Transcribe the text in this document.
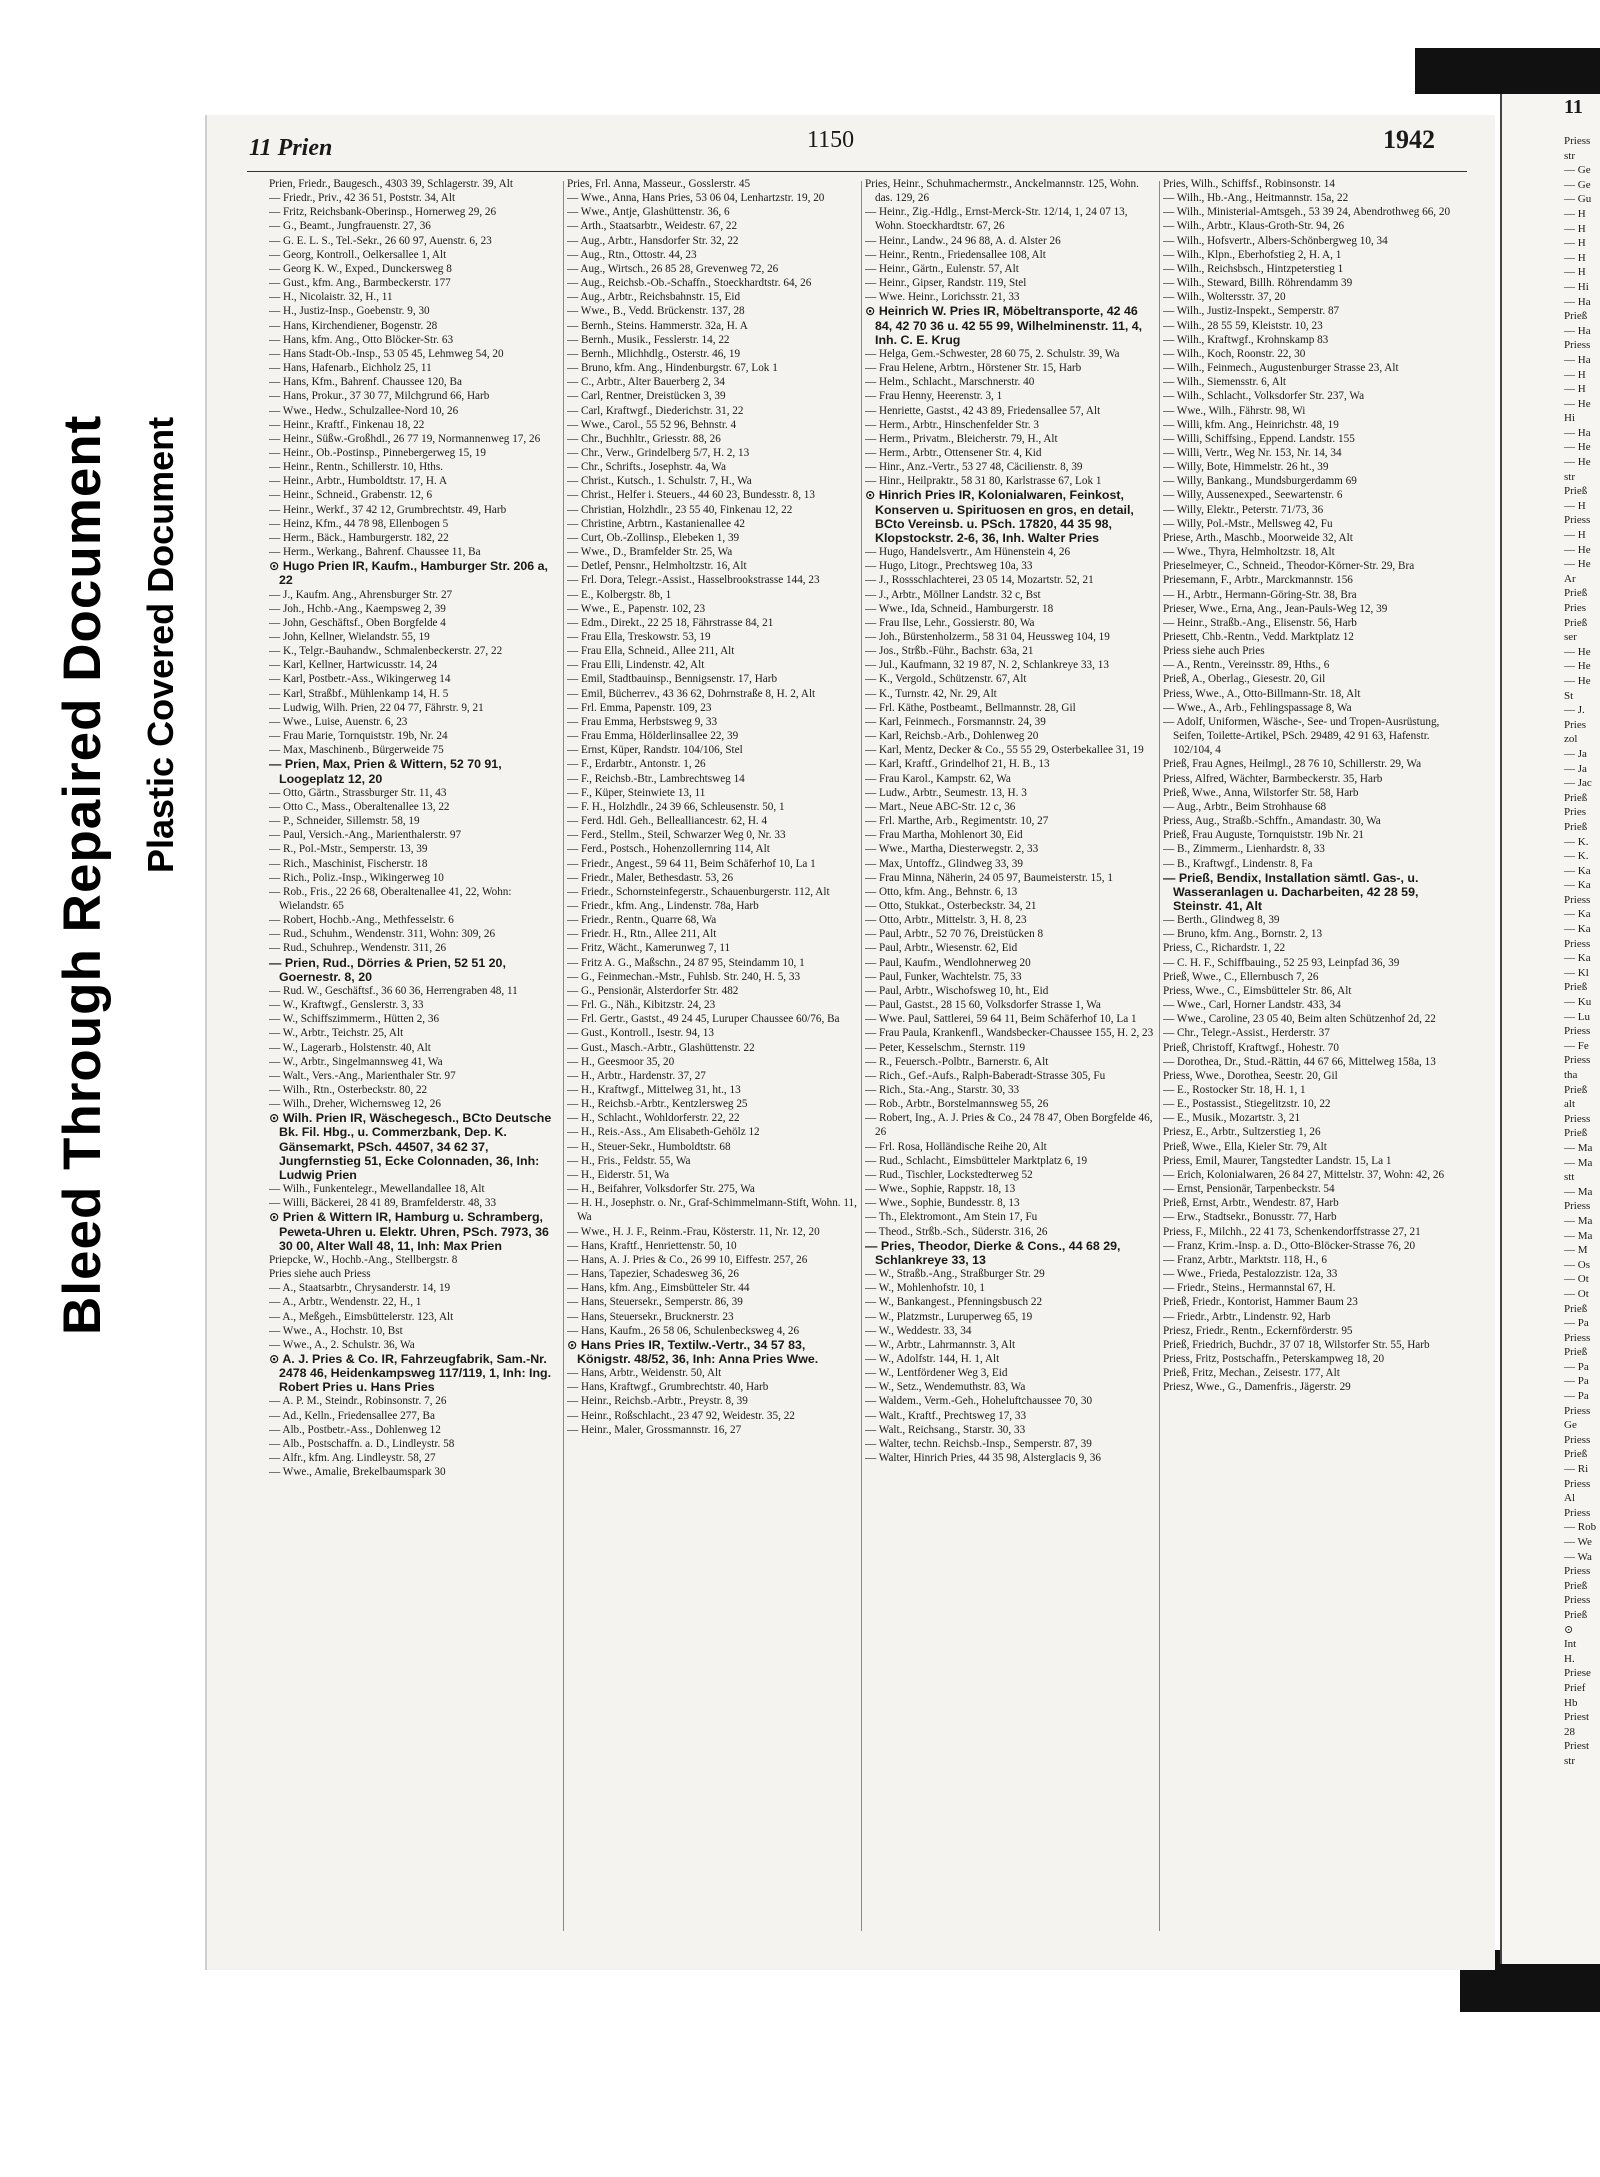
Bleed Through Repaired Document Plastic Covered Document
11 Prien	1150	1942
Prien, Friedr., Baugesch., 4303 39, Schlagerstr. 39, Alt
— Friedr., Priv., 42 36 51, Poststr. 34, Alt
— Fritz, Reichsbank-Oberinsp., Hornerweg 29, 26
— G., Beamt., Jungfrauenstr. 27, 36
— G. E. L. S., Tel.-Sekr., 26 60 97, Auenstr. 6, 23
— Georg, Kontroll., Oelkersallee 1, Alt
— Georg K. W., Exped., Dunckersweg 8
— Gust., kfm. Ang., Barmbeckerstr. 177
— H., Nicolaistr. 32, H., 11
— H., Justiz-Insp., Goebenstr. 9, 30
— Hans, Kirchendiener, Bogenstr. 28
— Hans, kfm. Ang., Otto Blöcker-Str. 63
— Hans Stadt-Ob.-Insp., 53 05 45, Lehmweg 54, 20
— Hans, Hafenarb., Eichholz 25, 11
— Hans, Kfm., Bahrenf. Chaussee 120, Ba
— Hans, Prokur., 37 30 77, Milchgrund 66, Harb
— Wwe., Hedw., Schulzallee-Nord 10, 26
— Heinr., Kraftf., Finkenau 18, 22
— Heinr., Süßw.-Großhdl., 26 77 19, Normannenweg 17, 26
— Heinr., Ob.-Postinsp., Pinnebergerweg 15, 19
— Heinr., Rentn., Schillerstr. 10, Hths.
— Heinr., Arbtr., Humboldtstr. 17, H. A
— Heinr., Schneid., Grabenstr. 12, 6
— Heinr., Werkf., 37 42 12, Grumbrechtstr. 49, Harb
— Heinz, Kfm., 44 78 98, Ellenbogen 5
— Herm., Bäck., Hamburgerstr. 182, 22
— Herm., Werkang., Bahrenf. Chaussee 11, Ba
⊙ Hugo Prien IR, Kaufm., Hamburger Str. 206 a, 22
— J., Kaufm. Ang., Ahrensburger Str. 27
— Joh., Hchb.-Ang., Kaempsweg 2, 39
— John, Geschäftsf., Oben Borgfelde 4
— John, Kellner, Wielandstr. 55, 19
— K., Telgr.-Bauhandw., Schmalenbeckerstr. 27, 22
— Karl, Kellner, Hartwicusstr. 14, 24
— Karl, Postbetr.-Ass., Wikingerweg 14
— Karl, Straßbf., Mühlenkamp 14, H. 5
— Ludwig, Wilh. Prien, 22 04 77, Fährstr. 9, 21
— Wwe., Luise, Auenstr. 6, 23
— Frau Marie, Tornquiststr. 19b, Nr. 24
— Max, Maschinenb., Bürgerweide 75
— Prien, Max, Prien & Wittern, 52 70 91, Loogeplatz 12, 20
— Otto, Gärtn., Strassburger Str. 11, 43
— Otto C., Mass., Oberaltenallee 13, 22
— P., Schneider, Sillemstr. 58, 19
— Paul, Versich.-Ang., Marienthalerstr. 97
— R., Pol.-Mstr., Semperstr. 13, 39
— Rich., Maschinist, Fischerstr. 18
— Rich., Poliz.-Insp., Wikingerweg 10
— Rob., Fris., 22 26 68, Oberaltenallee 41, 22, Wohn: Wielandstr. 65
— Robert, Hochb.-Ang., Methfesselstr. 6
— Rud., Schuhm., Wendenstr. 311, Wohn: 309, 26
— Rud., Schuhrep., Wendenstr. 311, 26
— Prien, Rud., Dörries & Prien, 52 51 20, Goernestr. 8, 20
— Rud. W., Geschäftsf., 36 60 36, Herrengraben 48, 11
— W., Kraftwgf., Genslerstr. 3, 33
— W., Schiffszimmerm., Hütten 2, 36
— W., Arbtr., Teichstr. 25, Alt
— W., Lagerarb., Holstenstr. 40, Alt
— W., Arbtr., Singelmannsweg 41, Wa
— Walt., Vers.-Ang., Marienthaler Str. 97
— Wilh., Rtn., Osterbeckstr. 80, 22
— Wilh., Dreher, Wichernsweg 12, 26
⊙ Wilh. Prien IR, Wäschegesch., BCto Deutsche Bk. Fil. Hbg., u. Commerzbank, Dep. K. Gänsemarkt, PSch. 44507, 34 62 37, Jungfernstieg 51, Ecke Colonnaden, 36, Inh: Ludwig Prien
— Wilh., Funkentelegr., Mewellandallee 18, Alt
— Willi, Bäckerei, 28 41 89, Bramfelderstr. 48, 33
⊙ Prien & Wittern IR, Hamburg u. Schramberg, Peweta-Uhren u. Elektr. Uhren, PSch. 7973, 36 30 00, Alter Wall 48, 11, Inh: Max Prien
Priepcke, W., Hochb.-Ang., Stellbergstr. 8
Pries siehe auch Priess
— A., Staatsarbtr., Chrysanderstr. 14, 19
— A., Arbtr., Wendenstr. 22, H., 1
— A., Meßgeh., Eimsbüttelerstr. 123, Alt
— Wwe., A., Hochstr. 10, Bst
— Wwe., A., 2. Schulstr. 36, Wa
⊙ A. J. Pries & Co. IR, Fahrzeugfabrik, Sam.-Nr. 2478 46, Heidenkampsweg 117/119, 1, Inh: Ing. Robert Pries u. Hans Pries
— A. P. M., Steindr., Robinsonstr. 7, 26
— Ad., Kelln., Friedensallee 277, Ba
— Alb., Postbetr.-Ass., Dohlenweg 12
— Alb., Postschaffn. a. D., Lindleystr. 58
— Alfr., kfm. Ang. Lindleystr. 58, 27
— Wwe., Amalie, Brekelbaumspark 30
Pries, Frl. Anna, Masseur., Gosslerstr. 45
— Wwe., Anna, Hans Pries, 53 06 04, Lenhartzstr. 19, 20
— Wwe., Antje, Glashüttenstr. 36, 6
— Arth., Staatsarbtr., Weidestr. 67, 22
— Aug., Arbtr., Hansdorfer Str. 32, 22
— Aug., Rtn., Ottostr. 44, 23
— Aug., Wirtsch., 26 85 28, Grevenweg 72, 26
— Aug., Reichsb.-Ob.-Schaffn., Stoeckhardtstr. 64, 26
— Aug., Arbtr., Reichsbahnstr. 15, Eid
— Wwe., B., Vedd. Brückenstr. 137, 28
— Bernh., Steins. Hammerstr. 32a, H. A
— Bernh., Musik., Fesslerstr. 14, 22
— Bernh., Mlichhdlg., Osterstr. 46, 19
— Bruno, kfm. Ang., Hindenburgstr. 67, Lok 1
— C., Arbtr., Alter Bauerberg 2, 34
— Carl, Rentner, Dreistücken 3, 39
— Carl, Kraftwgf., Diederichstr. 31, 22
— Wwe., Carol., 55 52 96, Behnstr. 4
— Chr., Buchhltr., Griesstr. 88, 26
— Chr., Verw., Grindelberg 5/7, H. 2, 13
— Chr., Schrifts., Josephstr. 4a, Wa
— Christ., Kutsch., 1. Schulstr. 7, H., Wa
— Christ., Helfer i. Steuers., 44 60 23, Bundesstr. 8, 13
— Christian, Holzhdlr., 23 55 40, Finkenau 12, 22
— Christine, Arbtrn., Kastanienallee 42
— Curt, Ob.-Zollinsp., Elebeken 1, 39
— Wwe., D., Bramfelder Str. 25, Wa
— Detlef, Pensnr., Helmholtzstr. 16, Alt
— Frl. Dora, Telegr.-Assist., Hasselbrookstrasse 144, 23
— E., Kolbergstr. 8b, 1
— Wwe., E., Papenstr. 102, 23
— Edm., Direkt., 22 25 18, Fährstrasse 84, 21
— Frau Ella, Treskowstr. 53, 19
— Frau Ella, Schneid., Allee 211, Alt
— Frau Elli, Lindenstr. 42, Alt
— Emil, Stadtbauinsp., Bennigsenstr. 17, Harb
— Emil, Bücherrev., 43 36 62, Dohrnstraße 8, H. 2, Alt
— Frl. Emma, Papenstr. 109, 23
— Frau Emma, Herbstsweg 9, 33
— Frau Emma, Hölderlinsallee 22, 39
— Ernst, Küper, Randstr. 104/106, Stel
— F., Erdarbtr., Antonstr. 1, 26
— F., Reichsb.-Btr., Lambrechtsweg 14
— F., Küper, Steinwiete 13, 11
— F. H., Holzhdlr., 24 39 66, Schleusenstr. 50, 1
— Ferd. Hdl. Geh., Belleallianсestr. 62, H. 4
— Ferd., Stellm., Steil, Schwarzer Weg 0, Nr. 33
— Ferd., Postsch., Hohenzollernring 114, Alt
— Friedr., Angest., 59 64 11, Beim Schäferhof 10, La 1
— Friedr., Maler, Bethesdastr. 53, 26
— Friedr., Schornsteinfegerstr., Schauenburgerstr. 112, Alt
— Friedr., kfm. Ang., Lindenstr. 78a, Harb
— Friedr., Rentn., Quarre 68, Wa
— Friedr. H., Rtn., Allee 211, Alt
— Fritz, Wächt., Kamerunweg 7, 11
— Fritz A. G., Maßschn., 24 87 95, Steindamm 10, 1
— G., Feinmechan.-Mstr., Fuhlsb. Str. 240, H. 5, 33
— G., Pensionär, Alsterdorfer Str. 482
— Frl. G., Näh., Kibitzstr. 24, 23
— Frl. Gertr., Gastst., 49 24 45, Luruper Chaussee 60/76, Ba
— Gust., Kontroll., Isestr. 94, 13
— Gust., Masch.-Arbtr., Glashüttenstr. 22
— H., Geesmoor 35, 20
— H., Arbtr., Hardenstr. 37, 27
— H., Kraftwgf., Mittelweg 31, ht., 13
— H., Reichsb.-Arbtr., Kentzlersweg 25
— H., Schlacht., Wohldorferstr. 22, 22
— H., Reis.-Ass., Am Elisabeth-Gehölz 12
— H., Steuer-Sekr., Humboldtstr. 68
— H., Fris., Feldstr. 55, Wa
— H., Eiderstr. 51, Wa
— H., Beifahrer, Volksdorfer Str. 275, Wa
— H. H., Josephstr. o. Nr., Graf-Schimmelmann-Stift, Wohn. 11, Wa
— Wwe., H. J. F., Reinm.-Frau, Kösterstr. 11, Nr. 12, 20
— Hans, Kraftf., Henriettenstr. 50, 10
— Hans, A. J. Pries & Co., 26 99 10, Eiffestr. 257, 26
— Hans, Tapezier, Schadesweg 36, 26
— Hans, kfm. Ang., Eimsbütteler Str. 44
— Hans, Steuersekr., Semperstr. 86, 39
— Hans, Steuersekr., Brucknerstr. 23
— Hans, Kaufm., 26 58 06, Schulenbecksweg 4, 26
⊙ Hans Pries IR, Textilw.-Vertr., 34 57 83, Königstr. 48/52, 36, Inh: Anna Pries Wwe.
— Hans, Arbtr., Weidenstr. 50, Alt
— Hans, Kraftwgf., Grumbrechtstr. 40, Harb
— Heinr., Reichsb.-Arbtr., Preystr. 8, 39
— Heinr., Roßschlacht., 23 47 92, Weidestr. 35, 22
— Heinr., Maler, Grossmannstr. 16, 27
Pries, Heinr., Schuhmachermstr., Anckelmannstr. 125, Wohn. das. 129, 26
— Heinr., Zig.-Hdlg., Ernst-Merck-Str. 12/14, 1, 24 07 13, Wohn. Stoeckhardtstr. 67, 26
— Heinr., Landw., 24 96 88, A. d. Alster 26
— Heinr., Rentn., Friedensallee 108, Alt
— Heinr., Gärtn., Eulenstr. 57, Alt
— Heinr., Gipser, Randstr. 119, Stel
— Wwe. Heinr., Lorichsstr. 21, 33
⊙ Heinrich W. Pries IR, Möbeltransporte, 42 46 84, 42 70 36 u. 42 55 99, Wilhelminenstr. 11, 4, Inh. C. E. Krug
— Helga, Gem.-Schwester, 28 60 75, 2. Schulstr. 39, Wa
— Frau Helene, Arbtrn., Hörstener Str. 15, Harb
— Helm., Schlacht., Marschnerstr. 40
— Frau Henny, Heerenstr. 3, 1
— Henriette, Gastst., 42 43 89, Friedensallee 57, Alt
— Herm., Arbtr., Hinschenfelder Str. 3
— Herm., Privatm., Bleicherstr. 79, H., Alt
— Herm., Arbtr., Ottensener Str. 4, Kid
— Hinr., Anz.-Vertr., 53 27 48, Cäcilienstr. 8, 39
— Hinr., Heilpraktr., 58 31 80, Karlstrasse 67, Lok 1
⊙ Hinrich Pries IR, Kolonialwaren, Feinkost, Konserven u. Spirituosen en gros, en detail, BCto Vereinsb. u. PSch. 17820, 44 35 98, Klopstockstr. 2-6, 36, Inh. Walter Pries
— Hugo, Handelsvertr., Am Hünenstein 4, 26
— Hugo, Litogr., Prechtsweg 10a, 33
— J., Rossschlachterei, 23 05 14, Mozartstr. 52, 21
— J., Arbtr., Möllner Landstr. 32 c, Bst
— Wwe., Ida, Schneid., Hamburgerstr. 18
— Frau Ilse, Lehr., Gossierstr. 80, Wa
— Joh., Bürstenholzerm., 58 31 04, Heussweg 104, 19
— Jos., Strßb.-Führ., Bachstr. 63a, 21
— Jul., Kaufmann, 32 19 87, N. 2, Schlankreye 33, 13
— K., Vergold., Schützenstr. 67, Alt
— K., Turnstr. 42, Nr. 29, Alt
— Frl. Käthe, Postbeamt., Bellmannstr. 28, Gil
— Karl, Feinmech., Forsmannstr. 24, 39
— Karl, Reichsb.-Arb., Dohlenweg 20
— Karl, Mentz, Decker & Co., 55 55 29, Osterbekallee 31, 19
— Karl, Kraftf., Grindelhof 21, H. B., 13
— Frau Karol., Kampstr. 62, Wa
— Ludw., Arbtr., Seumestr. 13, H. 3
— Mart., Neue ABC-Str. 12 c, 36
— Frl. Marthe, Arb., Regimentstr. 10, 27
— Frau Martha, Mohlenort 30, Eid
— Wwe., Martha, Diesterwegstr. 2, 33
— Max, Untoffz., Glindweg 33, 39
— Frau Minna, Näherin, 24 05 97, Baumeisterstr. 15, 1
— Otto, kfm. Ang., Behnstr. 6, 13
— Otto, Stukkat., Osterbeckstr. 34, 21
— Otto, Arbtr., Mittelstr. 3, H. 8, 23
— Paul, Arbtr., 52 70 76, Dreistücken 8
— Paul, Arbtr., Wiesenstr. 62, Eid
— Paul, Kaufm., Wendlohnerweg 20
— Paul, Funker, Wachtelstr. 75, 33
— Paul, Arbtr., Wischofsweg 10, ht., Eid
— Paul, Gastst., 28 15 60, Volksdorfer Strasse 1, Wa
— Wwe. Paul, Sattlerei, 59 64 11, Beim Schäferhof 10, La 1
— Frau Paula, Krankenfl., Wandsbecker-Chaussee 155, H. 2, 23
— Peter, Kesselschm., Sternstr. 119
— R., Feuersch.-Polbtr., Barnerstr. 6, Alt
— Rich., Gef.-Aufs., Ralph-Baberadt-Strasse 305, Fu
— Rich., Sta.-Ang., Starstr. 30, 33
— Rob., Arbtr., Borstelmannsweg 55, 26
— Robert, Ing., A. J. Pries & Co., 24 78 47, Oben Borgfelde 46, 26
— Frl. Rosa, Holländische Reihe 20, Alt
— Rud., Schlacht., Eimsbütteler Marktplatz 6, 19
— Rud., Tischler, Lockstedterweg 52
— Wwe., Sophie, Rappstr. 18, 13
— Wwe., Sophie, Bundesstr. 8, 13
— Th., Elektromont., Am Stein 17, Fu
— Theod., Strßb.-Sch., Süderstr. 316, 26
— Pries, Theodor, Dierke & Cons., 44 68 29, Schlankreye 33, 13
— W., Straßb.-Ang., Straßburger Str. 29
— W., Mohlenhofstr. 10, 1
— W., Bankangest., Pfenningsbusch 22
— W., Platzmstr., Luruperweg 65, 19
— W., Weddestr. 33, 34
— W., Arbtr., Lahrmannstr. 3, Alt
— W., Adolfstr. 144, H. 1, Alt
— W., Lentfördener Weg 3, Eid
— W., Setz., Wendemuthstr. 83, Wa
— Waldem., Verm.-Geh., Hoheluftchaussee 70, 30
— Walt., Kraftf., Prechtsweg 17, 33
— Walt., Reichsang., Starstr. 30, 33
— Walter, techn. Reichsb.-Insp., Semperstr. 87, 39
— Walter, Hinrich Pries, 44 35 98, Alsterglacis 9, 36
Pries, Wilh., Schiffsf., Robinsonstr. 14
— Wilh., Hb.-Ang., Heitmannstr. 15a, 22
— Wilh., Ministerial-Amtsgeh., 53 39 24, Abendrothweg 66, 20
— Wilh., Arbtr., Klaus-Groth-Str. 94, 26
— Wilh., Hofsvertr., Albers-Schönbergweg 10, 34
— Wilh., Klpn., Eberhofstieg 2, H. A, 1
— Wilh., Reichsbsch., Hintzpeterstieg 1
— Wilh., Steward, Billh. Röhrendamm 39
— Wilh., Woltersstr. 37, 20
— Wilh., Justiz-Inspekt., Semperstr. 87
— Wilh., 28 55 59, Kleiststr. 10, 23
— Wilh., Kraftwgf., Krohnskamp 83
— Wilh., Koch, Roonstr. 22, 30
— Wilh., Feinmech., Augustenburger Strasse 23, Alt
— Wilh., Siemensstr. 6, Alt
— Wilh., Schlacht., Volksdorfer Str. 237, Wa
— Wwe., Wilh., Fährstr. 98, Wi
— Willi, kfm. Ang., Heinrichstr. 48, 19
— Willi, Schiffsing., Eppend. Landstr. 155
— Willi, Vertr., Weg Nr. 153, Nr. 14, 34
— Willy, Bote, Himmelstr. 26 ht., 39
— Willy, Bankang., Mundsburgerdamm 69
— Willy, Aussenexped., Seewartenstr. 6
— Willy, Elektr., Peterstr. 71/73, 36
— Willy, Pol.-Mstr., Mellsweg 42, Fu
Priese, Arth., Maschb., Moorweide 32, Alt
— Wwe., Thyra, Helmholtzstr. 18, Alt
Prieselmeyer, C., Schneid., Theodor-Körner-Str. 29, Bra
Priesemann, F., Arbtr., Marckmannstr. 156
— H., Arbtr., Hermann-Göring-Str. 38, Bra
Prieser, Wwe., Erna, Ang., Jean-Pauls-Weg 12, 39
— Heinr., Straßb.-Ang., Elisenstr. 56, Harb
Priesett, Chb.-Rentn., Vedd. Marktplatz 12
Priess siehe auch Pries
— A., Rentn., Vereinsstr. 89, Hths., 6
Prieß, A., Oberlag., Giesestr. 20, Gil
Priess, Wwe., A., Otto-Billmann-Str. 18, Alt
— Wwe., A., Arb., Fehlingspassage 8, Wa
— Adolf, Uniformen, Wäsche-, See- und Tropen-Ausrüstung, Seifen, Toilette-Artikel, PSch. 29489, 42 91 63, Hafenstr. 102/104, 4
Prieß, Frau Agnes, Heilmgl., 28 76 10, Schillerstr. 29, Wa
Priess, Alfred, Wächter, Barmbeckerstr. 35, Harb
Prieß, Wwe., Anna, Wilstorfer Str. 58, Harb
— Aug., Arbtr., Beim Strohhause 68
Priess, Aug., Straßb.-Schffn., Amandastr. 30, Wa
Prieß, Frau Auguste, Tornquiststr. 19b Nr. 21
— B., Zimmerm., Lienhardstr. 8, 33
— B., Kraftwgf., Lindenstr. 8, Fa
— Prieß, Bendix, Installation sämtl. Gas-, u. Wasseranlagen u. Dacharbeiten, 42 28 59, Steinstr. 41, Alt
— Berth., Glindweg 8, 39
— Bruno, kfm. Ang., Bornstr. 2, 13
Priess, C., Richardstr. 1, 22
— C. H. F., Schiffbauing., 52 25 93, Leinpfad 36, 39
Prieß, Wwe., C., Ellernbusch 7, 26
Priess, Wwe., C., Eimsbütteler Str. 86, Alt
— Wwe., Carl, Horner Landstr. 433, 34
— Wwe., Caroline, 23 05 40, Beim alten Schützenhof 2d, 22
— Chr., Telegr.-Assist., Herderstr. 37
Prieß, Christoff, Kraftwgf., Hohestr. 70
— Dorothea, Dr., Stud.-Rättin, 44 67 66, Mittelweg 158a, 13
Priess, Wwe., Dorothea, Seestr. 20, Gil
— E., Rostocker Str. 18, H. 1, 1
— E., Postassist., Stiegelitzstr. 10, 22
— E., Musik., Mozartstr. 3, 21
Priesz, E., Arbtr., Sultzerstieg 1, 26
Prieß, Wwe., Ella, Kieler Str. 79, Alt
Priess, Emil, Maurer, Tangstedter Landstr. 15, La 1
— Erich, Kolonialwaren, 26 84 27, Mittelstr. 37, Wohn: 42, 26
— Ernst, Pensionär, Tarpenbeckstr. 54
Prieß, Ernst, Arbtr., Wendestr. 87, Harb
— Erw., Stadtsekr., Bonusstr. 77, Harb
Priess, F., Milchh., 22 41 73, Schenkendorffstrasse 27, 21
— Franz, Krim.-Insp. a. D., Otto-Blöcker-Strasse 76, 20
— Franz, Arbtr., Marktstr. 118, H., 6
— Wwe., Frieda, Pestalozzistr. 12a, 33
— Friedr., Steins., Hermannstal 67, H.
Prieß, Friedr., Kontorist, Hammer Baum 23
— Friedr., Arbtr., Lindenstr. 92, Harb
Priesz, Friedr., Rentn., Eckernförderstr. 95
Prieß, Friedrich, Buchdr., 37 07 18, Wilstorfer Str. 55, Harb
Priess, Fritz, Postschaffn., Peterskampweg 18, 20
Prieß, Fritz, Mechan., Zeisestr. 177, Alt
Priesz, Wwe., G., Damenfris., Jägerstr. 29
11
Priess
str
— Ge
— Ge
— Gu
— H
— H
— H
— H
— H
— Hi
— Ha
Prieß
— Ha
Priess
— Ha
— H
— H
— He
Hi
— Ha
— He
— He
str
Prieß
— H
Priess
— H
— He
— He
Ar
Prieß
Pries
Prieß
ser
— He
— He
— He
St
— J.
Pries
zol
— Ja
— Ja
— Jac
Prieß
Pries
Prieß
— K.
— K.
— Ka
— Ka
Priess
— Ka
— Ka
Priess
— Ka
— Kl
Prieß
— Ku
— Lu
Priess
— Fe
Priess
tha
Prieß
alt
Priess
Prieß
— Ma
— Ma
stt
— Ma
Priess
— Ma
— Ma
— M
— Os
— Ot
— Ot
Prieß
— Pa
Priess
Prieß
— Pa
— Pa
— Pa
Priess
Ge
Priess
Prieß
— Ri
Priess
Al
Priess
— Rob
— We
— Wa
Priess
Prieß
Priess
Prieß
⊙
Int
H.
Priese
Prief
Hb
Priest
28
Priest
str
